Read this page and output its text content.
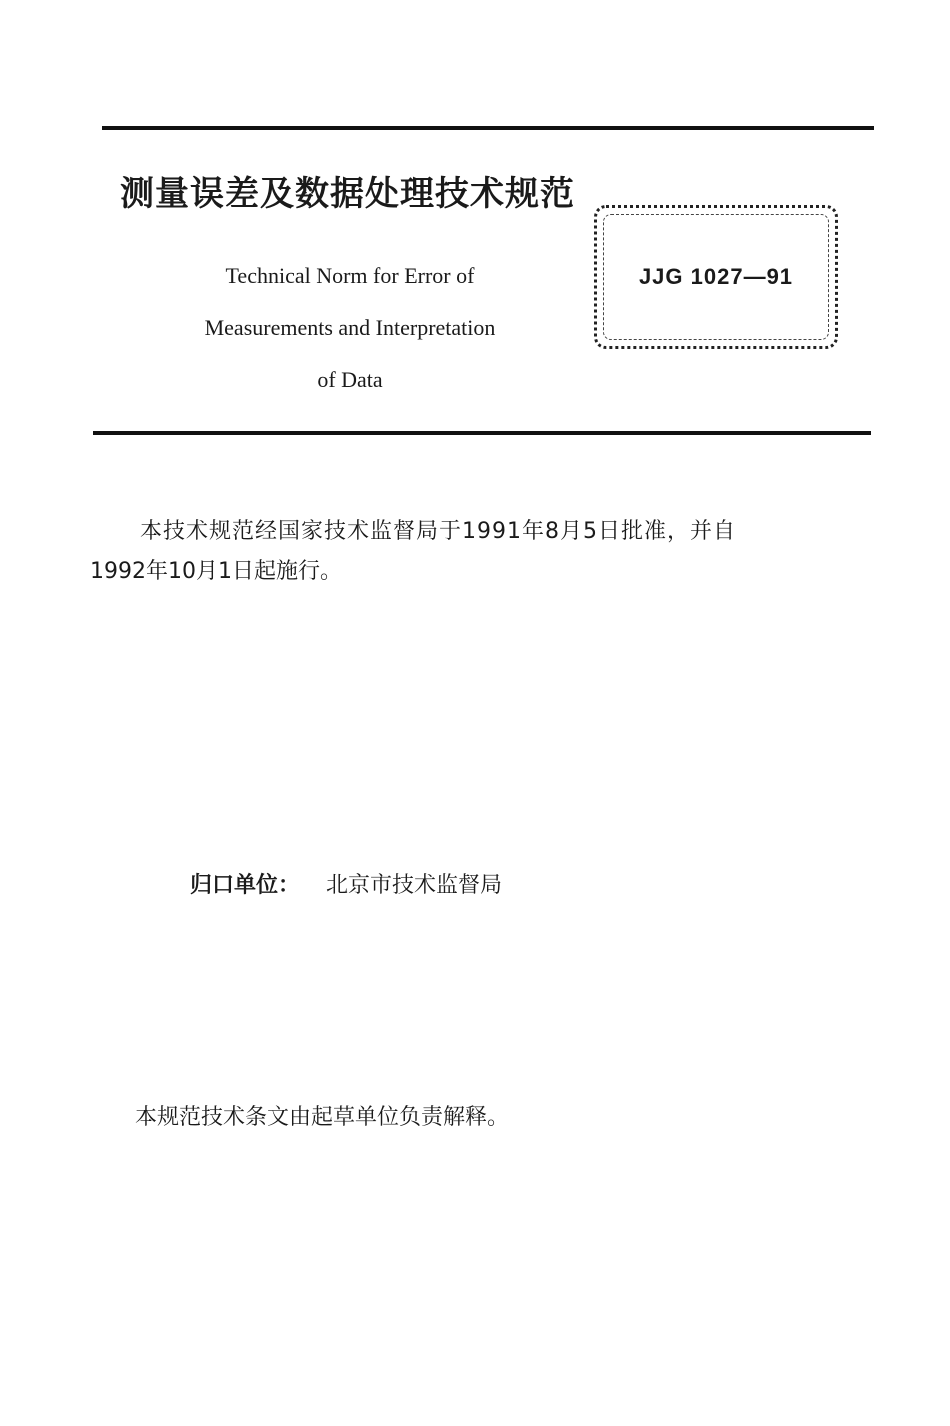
测量误差及数据处理技术规范
Technical Norm for Error of
Measurements and Interpretation
of Data
JJG 1027—91

本技术规范经国家技术监督局于1991年8月5日批准，并自

1992年10月1日起施行。

归口单位： 北京市技术监督局
本规范技术条文由起草单位负责解释。
